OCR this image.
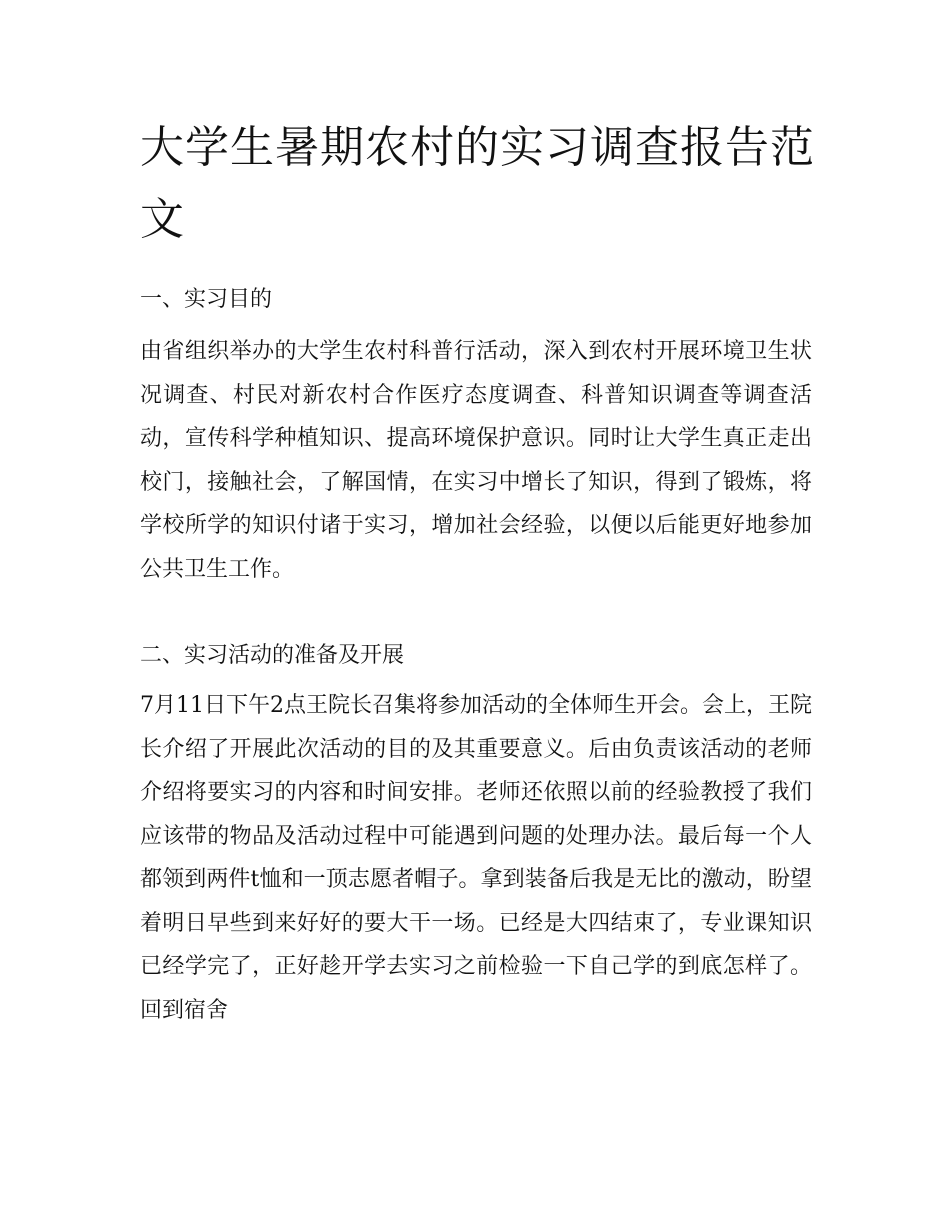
大学生暑期农村的实习调查报告范文
一、实习目的

由省组织举办的大学生农村科普行活动，深入到农村开展环境卫生状况调查、村民对新农村合作医疗态度调查、科普知识调查等调查活动，宣传科学种植知识、提高环境保护意识。同时让大学生真正走出校门，接触社会，了解国情，在实习中增长了知识，得到了锻炼，将学校所学的知识付诸于实习，增加社会经验，以便以后能更好地参加公共卫生工作。

二、实习活动的准备及开展

7月11日下午2点王院长召集将参加活动的全体师生开会。会上，王院长介绍了开展此次活动的目的及其重要意义。后由负责该活动的老师介绍将要实习的内容和时间安排。老师还依照以前的经验教授了我们应该带的物品及活动过程中可能遇到问题的处理办法。最后每一个人都领到两件t恤和一顶志愿者帽子。拿到装备后我是无比的激动，盼望着明日早些到来好好的要大干一场。已经是大四结束了，专业课知识已经学完了，正好趁开学去实习之前检验一下自己学的到底怎样了。回到宿舍
